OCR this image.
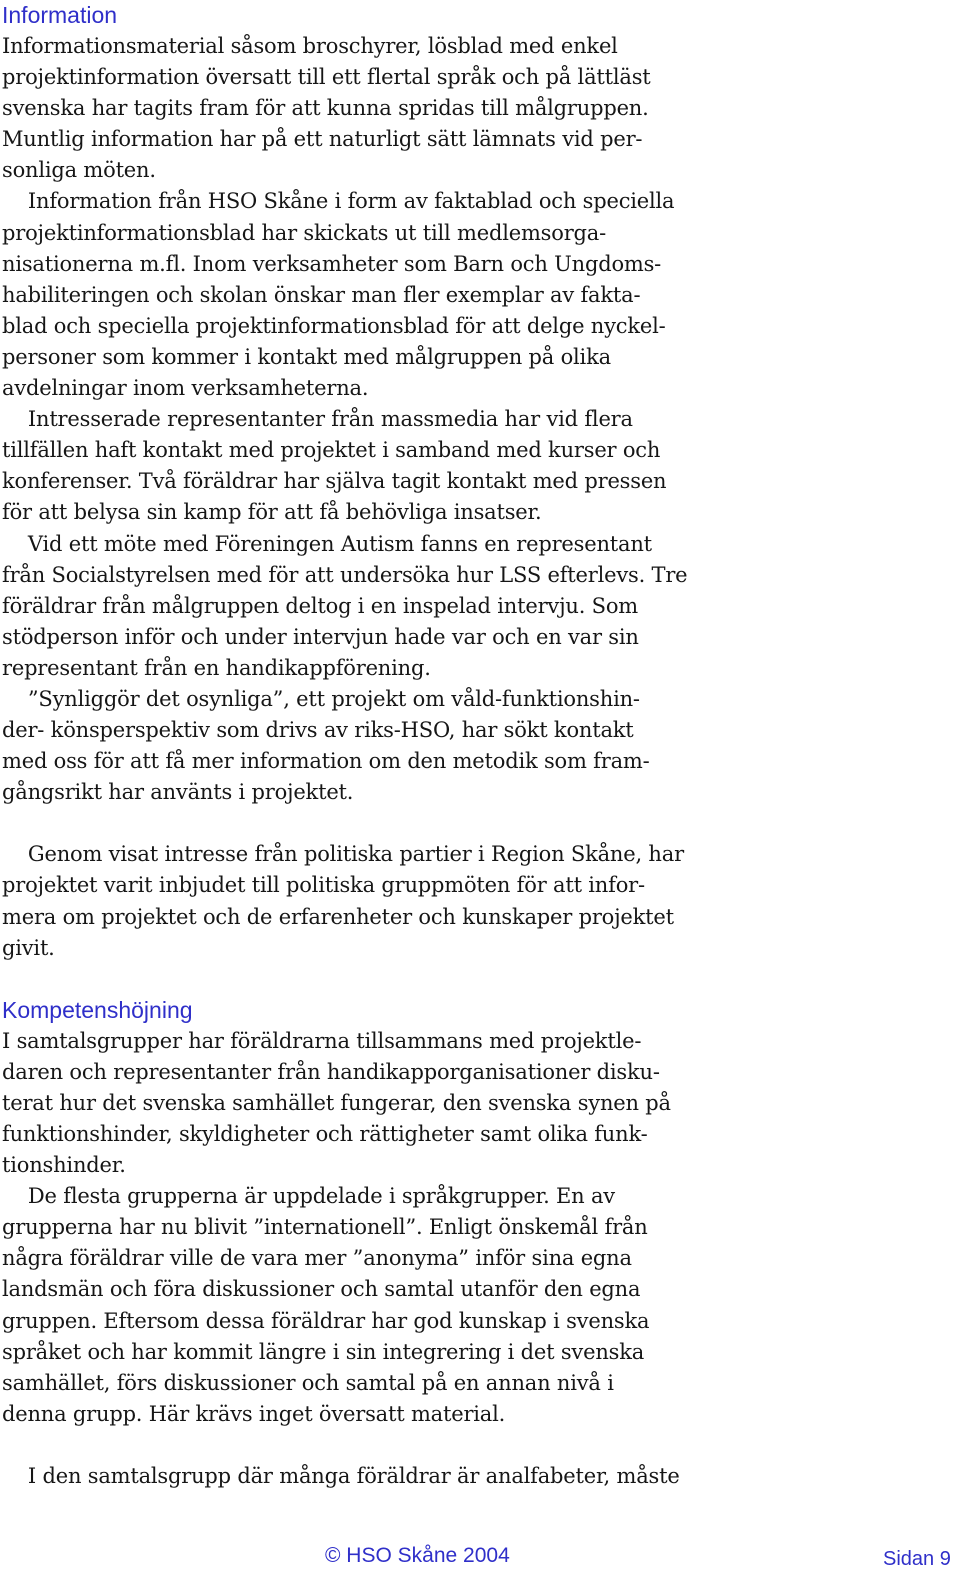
Information
Informationsmaterial såsom broschyrer, lösblad med enkel
projektinformation översatt till ett flertal språk och på lättläst
svenska har tagits fram för att kunna spridas till målgruppen.
Muntlig information har på ett naturligt sätt lämnats vid per-
sonliga möten.
Information från HSO Skåne i form av faktablad och speciella
projektinformationsblad har skickats ut till medlemsorga-
nisationerna m.fl. Inom verksamheter som Barn och Ungdoms-
habiliteringen och skolan önskar man fler exemplar av fakta-
blad och speciella projektinformationsblad för att delge nyckel-
personer som kommer i kontakt med målgruppen på olika
avdelningar inom verksamheterna.
Intresserade representanter från massmedia har vid flera
tillfällen haft kontakt med projektet i samband med kurser och
konferenser. Två föräldrar har själva tagit kontakt med pressen
för att belysa sin kamp för att få behövliga insatser.
Vid ett möte med Föreningen Autism fanns en representant
från Socialstyrelsen med för att undersöka hur LSS efterlevs. Tre
föräldrar från målgruppen deltog i en inspelad intervju. Som
stödperson inför och under intervjun hade var och en var sin
representant från en handikappförening.
”Synliggör det osynliga”, ett projekt om våld-funktionshin-
der- könsperspektiv som drivs av riks-HSO, har sökt kontakt
med oss för att få mer information om den metodik som fram-
gångsrikt har använts i projektet.
Genom visat intresse från politiska partier i Region Skåne, har
projektet varit inbjudet till politiska gruppmöten för att infor-
mera om projektet och de erfarenheter och kunskaper projektet
givit.
Kompetenshöjning
I samtalsgrupper har föräldrarna tillsammans med projektle-
daren och representanter från handikapporganisationer disku-
terat hur det svenska samhället fungerar, den svenska synen på
funktionshinder, skyldigheter och rättigheter samt olika funk-
tionshinder.
De flesta grupperna är uppdelade i språkgrupper. En av
grupperna har nu blivit ”internationell”. Enligt önskemål från
några föräldrar ville de vara mer ”anonyma” inför sina egna
landsmän och föra diskussioner och samtal utanför den egna
gruppen. Eftersom dessa föräldrar har god kunskap i svenska
språket och har kommit längre i sin integrering i det svenska
samhället, förs diskussioner och samtal på en annan nivå i
denna grupp. Här krävs inget översatt material.
I den samtalsgrupp där många föräldrar är analfabeter, måste
© HSO Skåne 2004	Sidan 9
